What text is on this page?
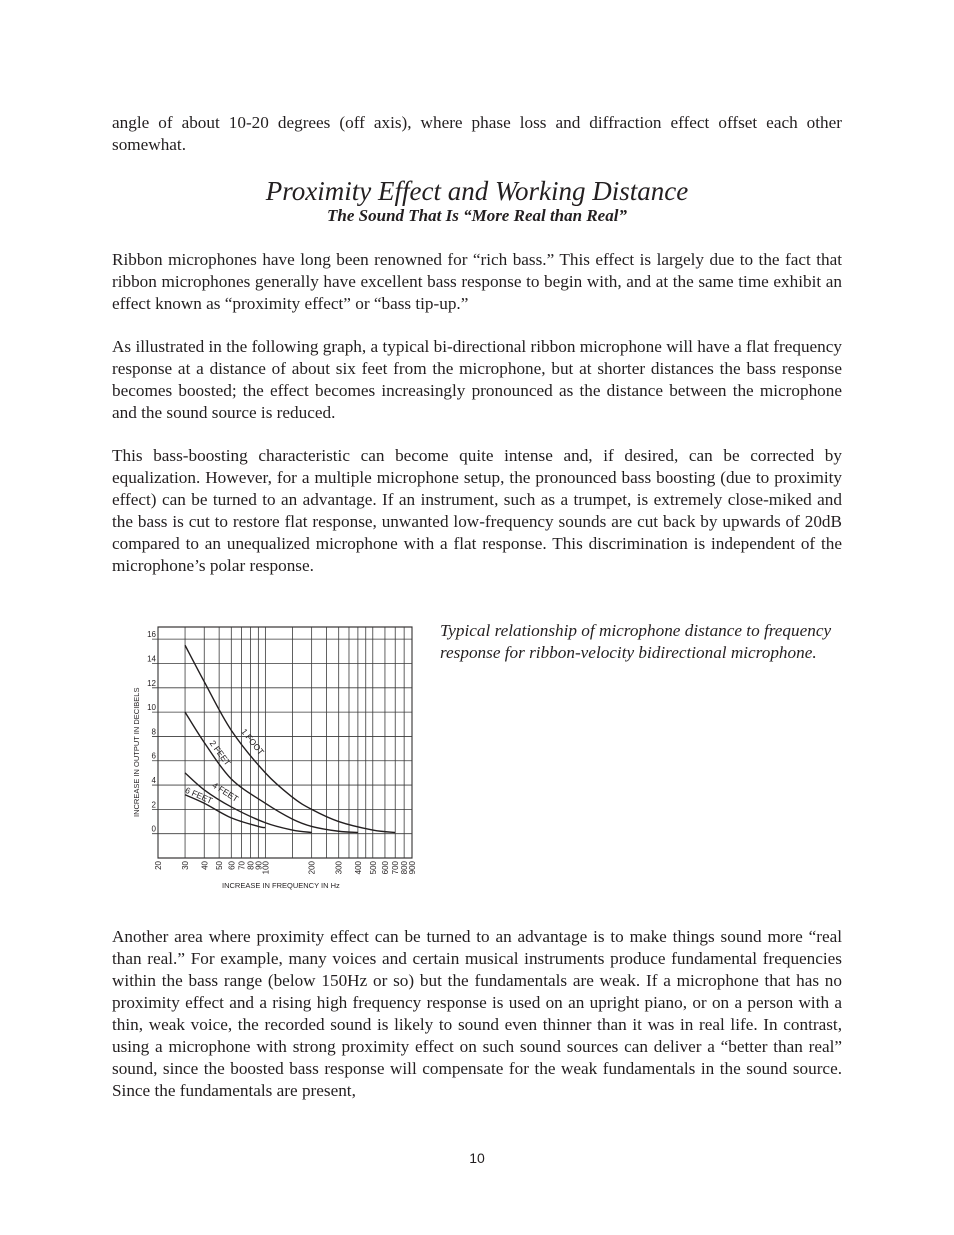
angle of about 10-20 degrees (off axis), where phase loss and diffraction effect offset each other somewhat.

Proximity Effect and Working Distance
The Sound That Is “More Real than Real”

Ribbon microphones have long been renowned for “rich bass.” This effect is largely due to the fact that ribbon microphones generally have excellent bass response to begin with, and at the same time exhibit an effect known as “proximity effect” or “bass tip-up.”

As illustrated in the following graph, a typical bi-directional ribbon microphone will have a flat frequency response at a distance of about six feet from the microphone, but at shorter distances the bass response becomes boosted; the effect becomes increasingly pronounced as the distance between the microphone and the sound source is reduced.

This bass-boosting characteristic can become quite intense and, if desired, can be corrected by equalization. However, for a multiple microphone setup, the pronounced bass boosting (due to proximity effect) can be turned to an advantage. If an instrument, such as a trumpet, is extremely close-miked and the bass is cut to restore flat response, unwanted low-frequency sounds are cut back by upwards of 20dB compared to an unequalized microphone with a flat response. This discrimination is independent of the microphone’s polar response.

20 30 40 50 60 70 80
90
100	200 300 400 500 600 700 800
900
0
2
4
6
8
10
12
14
16
1 FOOT
2 FEET
4 FEET
6 FEET
INCREASE IN OUTPUT IN DECIBELS
INCREASE IN FREQUENCY IN Hz

Typical relationship of microphone distance to frequency response for ribbon-velocity bidirectional microphone.

Another area where proximity effect can be turned to an advantage is to make things sound more “real than real.” For example, many voices and certain musical instruments produce fundamental frequencies within the bass range (below 150Hz or so) but the fundamentals are weak. If a microphone that has no proximity effect and a rising high frequency response is used on an upright piano, or on a person with a thin, weak voice, the recorded sound is likely to sound even thinner than it was in real life. In contrast, using a microphone with strong proximity effect on such sound sources can deliver a “better than real” sound, since the boosted bass response will compensate for the weak fundamentals in the sound source. Since the fundamentals are present,

10
